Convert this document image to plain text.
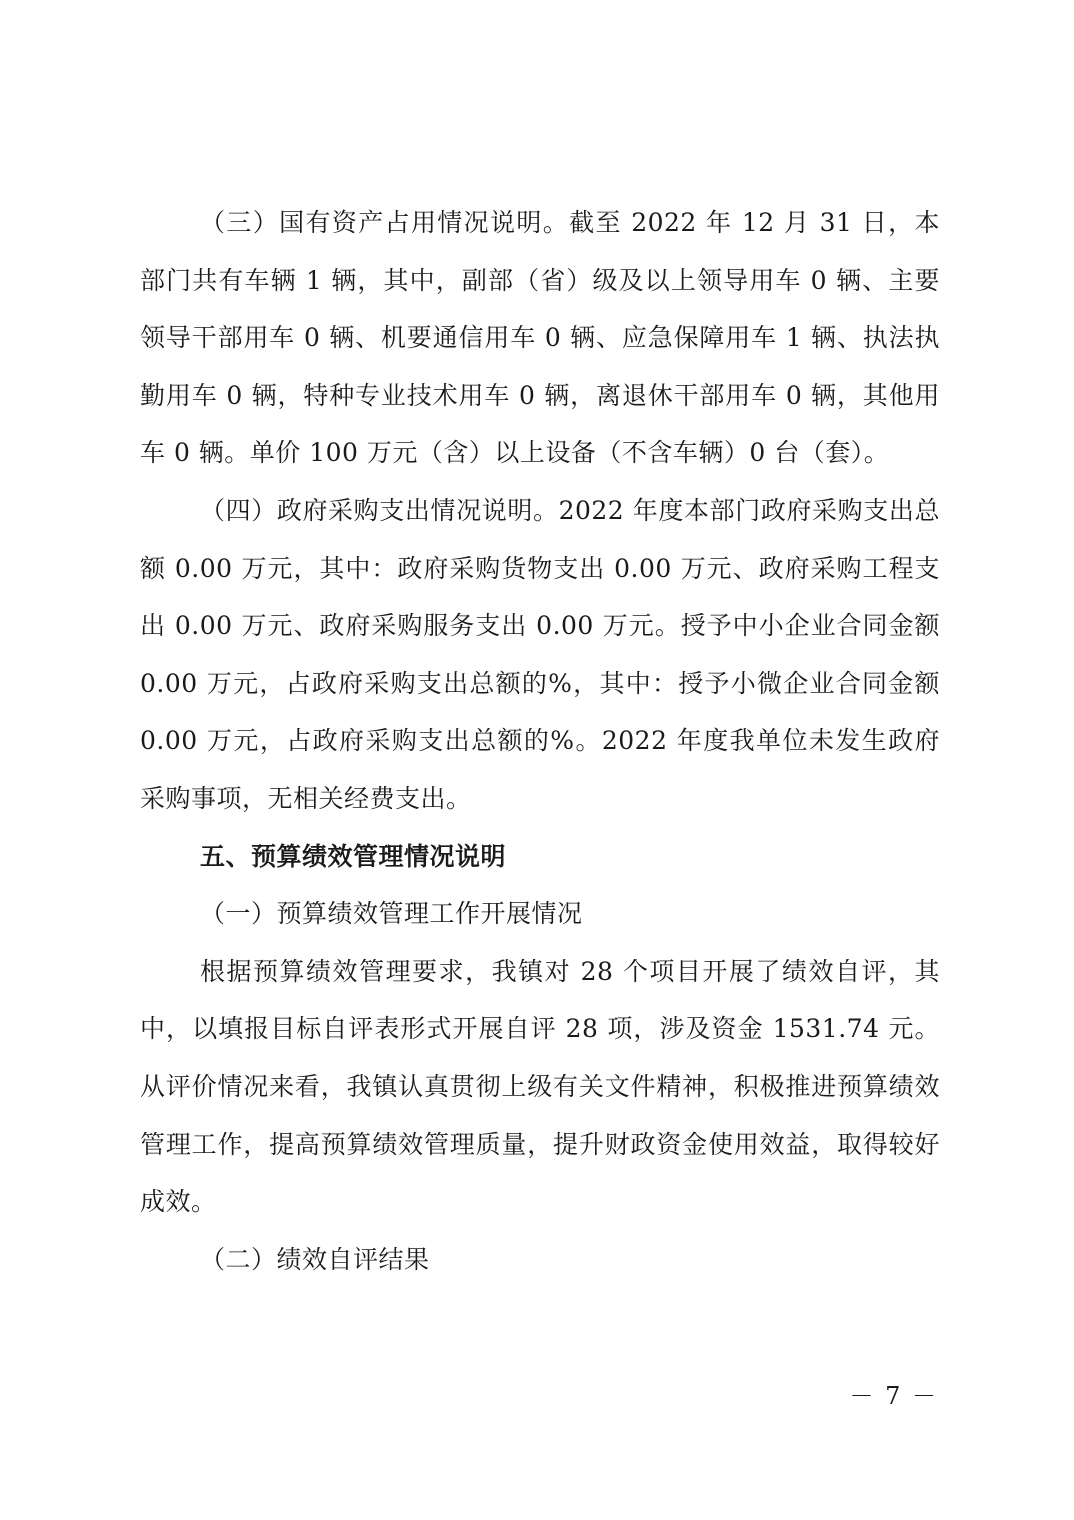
（三）国有资产占用情况说明。截至 2022 年 12 月 31 日，本部门共有车辆 1 辆，其中，副部（省）级及以上领导用车 0 辆、主要领导干部用车 0 辆、机要通信用车 0 辆、应急保障用车 1 辆、执法执勤用车 0 辆，特种专业技术用车 0 辆，离退休干部用车 0 辆，其他用车 0 辆。单价 100 万元（含）以上设备（不含车辆）0 台（套）。

（四）政府采购支出情况说明。2022 年度本部门政府采购支出总额 0.00 万元，其中：政府采购货物支出 0.00 万元、政府采购工程支出 0.00 万元、政府采购服务支出 0.00 万元。授予中小企业合同金额 0.00 万元，占政府采购支出总额的%，其中：授予小微企业合同金额 0.00 万元，占政府采购支出总额的%。2022 年度我单位未发生政府采购事项，无相关经费支出。

五、预算绩效管理情况说明

（一）预算绩效管理工作开展情况

根据预算绩效管理要求，我镇对 28 个项目开展了绩效自评，其中，以填报目标自评表形式开展自评 28 项，涉及资金 1531.74 元。从评价情况来看，我镇认真贯彻上级有关文件精神，积极推进预算绩效管理工作，提高预算绩效管理质量，提升财政资金使用效益，取得较好成效。

（二）绩效自评结果

－ 7 －
